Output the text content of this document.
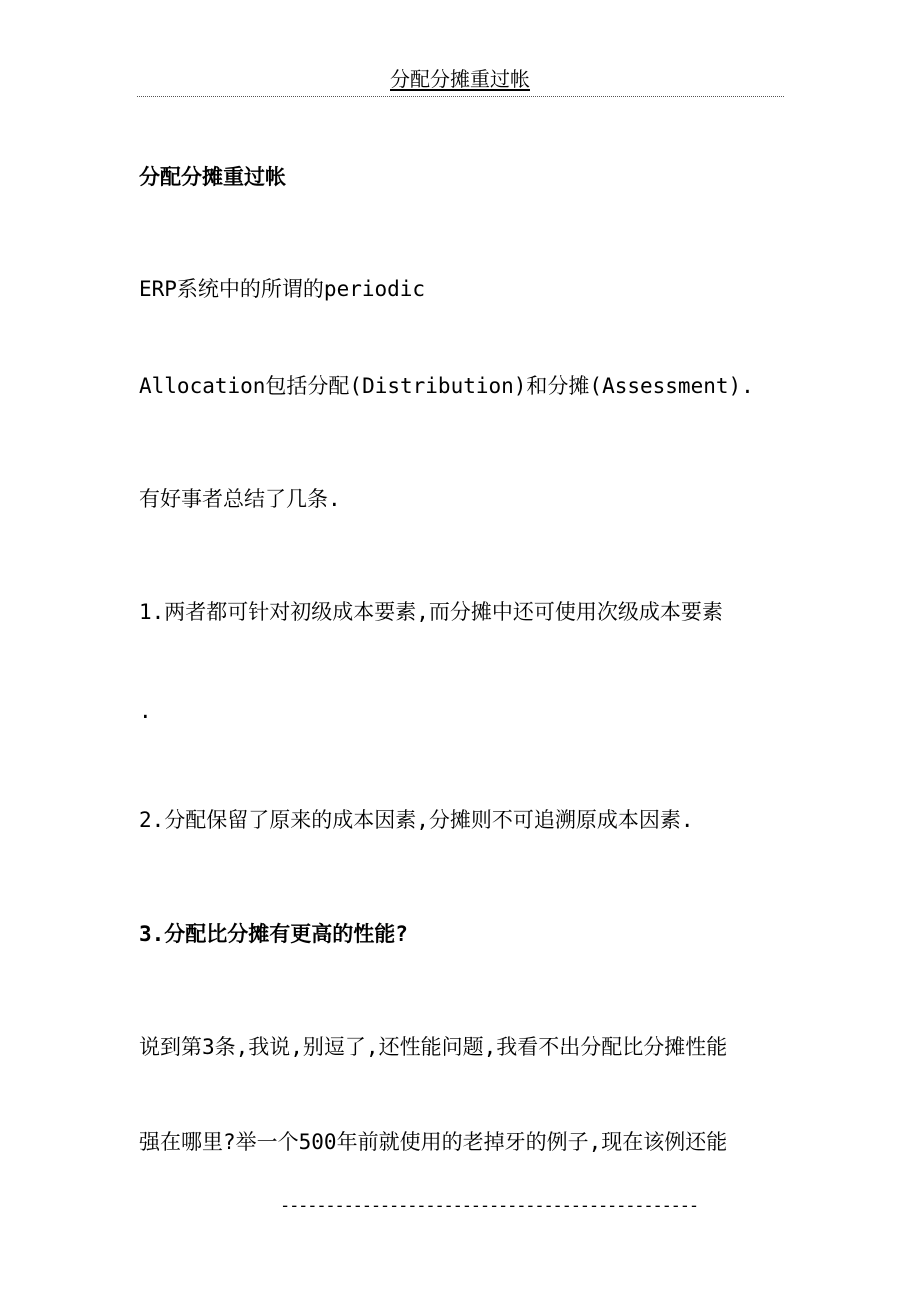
分配分摊重过帐
分配分摊重过帐
ERP系统中的所谓的periodic
Allocation包括分配(Distribution)和分摊(Assessment).
有好事者总结了几条.
1.两者都可针对初级成本要素,而分摊中还可使用次级成本要素
.
2.分配保留了原来的成本因素,分摊则不可追溯原成本因素.
3.分配比分摊有更高的性能?
说到第3条,我说,别逗了,还性能问题,我看不出分配比分摊性能
强在哪里?举一个500年前就使用的老掉牙的例子,现在该例还能
----------------------------------------------
